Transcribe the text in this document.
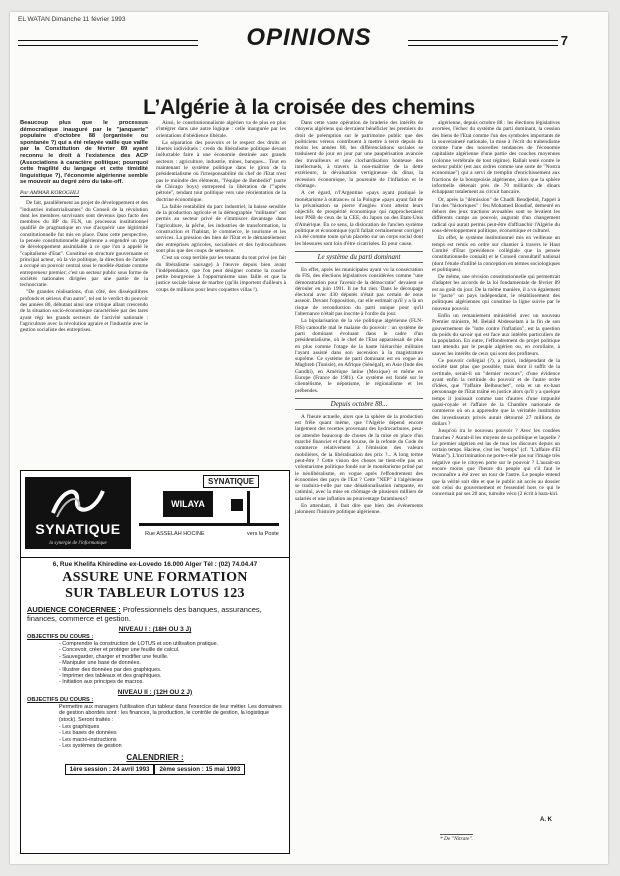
EL WATAN Dimanche 11 février 1993
OPINIONS	7
L’Algérie à la croisée des chemins

Beaucoup plus que le processus démocratique inauguré par le "janquerie" populaire d'octobre 88 (organisée ou spontanée ?) qui a été relayée vaille que vaille par la Constitution de février 89 ayant reconnu le droit à l'existence des ACP (Associations à caractère politique; pourquoi cette fragilité du langage et cette timidité linguistique ?), l'économie algérienne semble se mouvoir au degré zéro du take-off.

Par AMMAR KOROGHLI

De fait, parallèlement au projet de développement et des "industries industrialisantes" du Conseil de la révolution dont les membres survivants sont devenus ipso facto des membres du BP du FLN, un processus institutionnel qualifié de pragmatique en vue d'acquérir une légitimité constitutionnelle fut mis en place. Dans cette perspective, la pensée constitutionnelle algérienne a engendré un type de développement assimilable à ce que l'on a appelé le "capitalisme d'Etat". Constitué en structure gouvernante et principal acteur, où la vie politique, la direction de l'armée a occupé un pouvoir central sous le modèle étatiste comme entrepreneur premier; c'est un secteur public sous forme de sociétés nationales dirigées par une partie de la technocratie.

"De grandes réalisations, d'un côté, des disséquilibres profonds et sérieux d'un autre", tel est le verdict du pouvoir des années 80, débutant ainsi une critique allant crescendo de la situation socio-économique caractérisée par des tares ayant régi les grands secteurs de l'activité nationale : l'agriculture avec la révolution agraire et l'industrie avec le gestion socialiste des entreprises.

Ainsi, le constitutionnalisme algérien va de plus en plus s'intégrer dans une autre logique : celle inaugurée par les orientations d'obédience libérale.

La séparation des pouvoirs et le respect des droits et libertés individuels : credo du libéralisme politique devant inéluctable faire à une économie destinée aux grands secteurs : agriculture, industrie, mines, banques... Tout en maintenant le système politique dans le giron de la présidentialisme où l'irresponsabilité du chef de l'Etat n'est pas le moindre des éléments, "l'équipe de Benbedid" (sorte de Chicago boys) entreprend la libération de l'"après pétrole", tendant tout politique vers une réorientation de la doctrine économique.

La faible rentabilité du parc industriel, la baisse sensible de la production agricole et la démographie "militante" ont permis au secteur privé de s'immiscer davantage dans l'agriculture, la pêche, les industries de transformation, la construction et l'habitat, le commerce, le tourisme et les services. La pression des bien de l'Etat et le démantèlement des entreprises agricoles, socialistes et des hydrocarbures sont plus que des coups de semence.

C'est un coup terrible par les tenants du tout privé (en fait du libéralisme sauvage) à l'œuvre depuis bien avant l'indépendance, que l'on peut désigner comme la couche petite bourgeoise à l'opportunisme sans faille et que la justice sociale laisse de marbre (qu'ils importent d'ailleurs à coups de millions pour leurs coquettes villas !).

Dans cette vaste opération de braderie des intérêts de citoyens algériens qui devraient bénéficier les premiers du droit de préemption sur le patrimoine public que des politiciens véreux contribuent à mettre à terre depuis du moins les années 80, les différenciations sociales se traduisent de jour en jour par une paupérisation avancée des travailleurs et une clochardisation honteuse des intellectuels, à travers la non-maîtrise de la dette extérieure, la dévaluation vertigineuse du dinar, la récession économique, la poursuite de l'inflation et le chômage.

A cet égard, n'l'Argentine «pays ayant pratiqué le monétarisme à outrance» ni la Pologne «pays ayant fait de la privatisation sa pierre d'angle» n'ont atteint leurs objectifs de prospérité économique qui rapprocheraient leur PNB de ceux de la CEE, du Japon ou des Etats-Unis d'Amérique. En ce sens, la dislocation de l'ancien système politique et économique (qu'il fallait certainement corriger) n'a été comme toute qu'un placebo sur un corps social dont les blessures sont loin d'être cicatrisées. Et pour cause.

Le système du parti dominant

En effet, après les municipales ayant vu la consécration du FIS, des élections législatives considérées comme "une démonstration pour l'avenir de la démocratie" devaient se dérouler en juin 1991. Il ne fut rien. Dans le découpage électoral avec 430 députés n'était pas certain de nous asseoir. Devant l'opposition, car elle estimait qu'il y a là un risque de reconduction du parti unique pour qu'il l'alternance n'était pas inscrite à l'ordre du jour.

La bipolarisation de la vie politique algérienne (FLN-FIS) camoufle mal le malaise du pouvoir : un système de parti dominant évoluant dans le cadre d'un présidentialisme, où le chef de l'Etat apparaissait de plus en plus comme l'otage de la haute hiérarchie militaire l'ayant assisté dans son ascension à la magistrature suprême. Ce système de parti dominant est en vogue au Maghreb (Tunisie), en Afrique (Sénégal), en Asie (Inde des Gandhi), en Amérique latine (Mexique) et même en Europe (France de 1981). Ce système est fondé sur le clientélisme, le népotisme, le régionalisme et les prébendes.

Depuis octobre 88...

A l'heure actuelle, alors que la sphère de la production est frêle quant même, que l'Algérie dépend encore largement des recettes provenant des hydrocarbures, peut-on attendre beaucoup de choses de la mise en place d'un marché financier et d'une bourse, de la refonte du Code de commerce relativement à l'émission des valeurs mobilières, de la libéralisation des prix ?... A long terme peut-être ? Cette vision des choses ne tient-elle pas un volontarisme politique fondé sur le monétarisme prôné par le néolibéralisme, en vogue après l'effondrement des économies des pays de l'Est ? Cette "NEP" à l'algérienne se traduira-t-elle par une dénationalisation rampante, en catimini, avec la mise en chômage de plusieurs milliers de salariés et une inflation au pourcentage faramineux?

En attendant, il faut dire que bien des événements jalonnent l'histoire politique algérienne.

algérienne, depuis octobre 88 : les élections législatives avortées, l'échec du système du parti dominant, la cession des biens de l'Etat comme l'un des symboles importants de la souveraineté nationale, la mise à l'écrit du trabendisme comme l'une des nouvelles tendances de l'économie capitaliste algérienne d'une partie des couches moyennes (colonne vertébrale de tout régime). Rallait tenté contre le secteur public (est aux ordres comme une sorte de "Nostra economiae") qui a servi de tremplin d'enrichissement aux fractions de la bourgeoisie algérienne, alors que la sphère informelle détenait près de 70 milliards de dinars échappant totalement au circuit bancaire.

Or, après la "démission" de Chadli Bendjedid, l'appel à l'un des "historiques" : feu Mohamed Boudiaf, demeuré en dehors des jeux tractions avouables sont se levaient les différents camps au pouvoir, augurait d'un changement radical qui aurait permis peut-être d'affranchir l'Algérie du sous-développement politique, économique et culturel.

En effet, le système institutionnel mis en veilleuse un temps est remis en ordre sur chantier à travers le Haut Comité d'Etat (présidence collégiale que la pensée constitutionnelle connaît) et le Conseil consultatif national (dont l'étude d'utilité la conception en termes sociologiques et politiques).

De même, une révision constitutionnelle qui permettrait d'adapter les accords de la loi fondamentale de février 89 est au goût du jour. De la même manière, il a vu également le "pacte" un pays indépendant, le rétablissement des politiques algériennes qui constitue la ligne suivie par le nouveau pouvoir.

Enfin un remaniement ministériel avec un nouveau Premier ministre, M. Belaïd Abdesselam à la fin de son gouvernement de "lutte contre l'inflation", est la question du poids du savoir qui est face aux intérêts particuliers de la population. En outre, l'effondrement du projet politique tant attendu par le peuple algérien ou, en corollaire, à sauver les intérêts de ceux qui sont des profiteurs.

Ce pouvoir collégial (?), a priori, indépendant de la société tant plus que possible, mais dont il suffit de la certitude, serait-il un "dernier recours", d'une évidence ayant enfin la certitude du pouvoir et de l'autre ordre d'idées, que "l'affaire Belhouchet", cela et un ex-haut personnage de l'Etat traîné en justice alors qu'il y a quelque temps il jouissait comme tant d'autres d'une impunité quasi-royale et l'affaire de la Chambre nationale de commerce où on a apprendre que la véritable institution des investisseurs privés aurait détourné 27 millions de dollars ?

Jusqu'où ira le nouveau pouvoir ? Avec les coudées franches ? Aurait-il les moyens de sa politique et laquelle ? Le premier algérien est las de tous les discours depuis un certain temps. Hacène, c'est les "temps" (cf. "L'affaire d'El Watan"). L'incrimination ne porte-t-elle pas sur l'image très négative que le citoyen porte sur le pouvoir ? L'aurait-on encore moins que l'heure du peuple qui s'il faut le reconnaître a été avec un tour de l'autre. Le peuple entend que la vérité soit dite et que le public ait accès au dossier soit celui du gouvernement et l'essentiel hors ce qui le concernait par ses 20 ans, tumulte vécu (2 écrit à hara-kiri.

A. K
* De "Nitrate".
SYNATIQUE
la synergie de l'informatique
SYNATIQUE
WILAYA
Rue ASSELAH HOCINE	vers la Poste
6, Rue Khelifa Khiredine ex-Lovedo 16.000 Alger Tél : (02) 74.04.47
ASSURE UNE FORMATION
SUR TABLEUR LOTUS 123
AUDIENCE CONCERNEE : Professionnels des banques, assurances, finances, commerce et gestion.
NIVEAU I : (18H OU 3 J)
OBJECTIFS DU COURS :
- Comprendre la construction de LOTUS et son utilisation pratique.
- Concevoir, créer et protéger une feuille de calcul.
- Sauvegarder, charger et modifier une feuille.
- Manipuler une base de données.
- Illustrer des données par des graphiques.
- Imprimer des tableaux et des graphiques.
- Initiation aux principes de macros.
NIVEAU II : (12H OU 2 J)
OBJECTIFS DU COURS :
Permettre aux managers l'utilisation d'un tableur dans l'exercice de leur métier. Les domaines de gestion abordés sont : les finances, la production, le contrôle de gestion, la logistique (stock). Seront traités :
- Les graphiques
- Les bases de données
- Les macro-instructions
- Les systèmes de gestion
CALENDRIER :
1ère session : 24 avril 1993	2ème session : 15 mai 1993
